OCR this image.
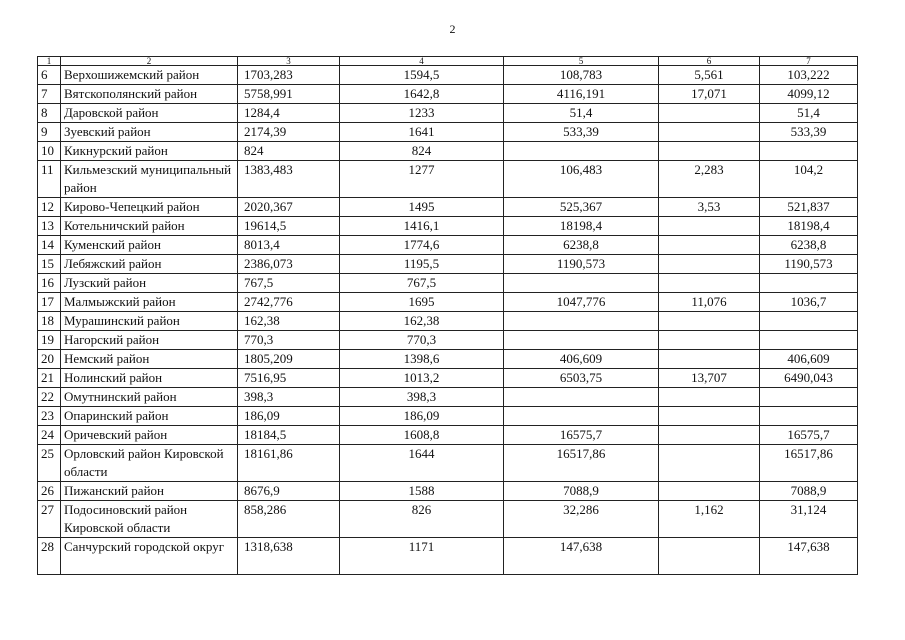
2
1	2	3	4	5	6	7
6	Верхошижемский район	1703,283	1594,5	108,783	5,561	103,222
7	Вятскополянский район	5758,991	1642,8	4116,191	17,071	4099,12
8	Даровской район	1284,4	1233	51,4		51,4
9	Зуевский район	2174,39	1641	533,39		533,39
10	Кикнурский район	824	824			
11	Кильмезский муниципальный район	1383,483	1277	106,483	2,283	104,2
12	Кирово-Чепецкий район	2020,367	1495	525,367	3,53	521,837
13	Котельничский район	19614,5	1416,1	18198,4		18198,4
14	Куменский район	8013,4	1774,6	6238,8		6238,8
15	Лебяжский район	2386,073	1195,5	1190,573		1190,573
16	Лузский район	767,5	767,5			
17	Малмыжский район	2742,776	1695	1047,776	11,076	1036,7
18	Мурашинский район	162,38	162,38			
19	Нагорский район	770,3	770,3			
20	Немский район	1805,209	1398,6	406,609		406,609
21	Нолинский район	7516,95	1013,2	6503,75	13,707	6490,043
22	Омутнинский район	398,3	398,3			
23	Опаринский район	186,09	186,09			
24	Оричевский район	18184,5	1608,8	16575,7		16575,7
25	Орловский район Кировской области	18161,86	1644	16517,86		16517,86
26	Пижанский район	8676,9	1588	7088,9		7088,9
27	Подосиновский район Кировской области	858,286	826	32,286	1,162	31,124
28	Санчурский городской округ	1318,638	1171	147,638		147,638
